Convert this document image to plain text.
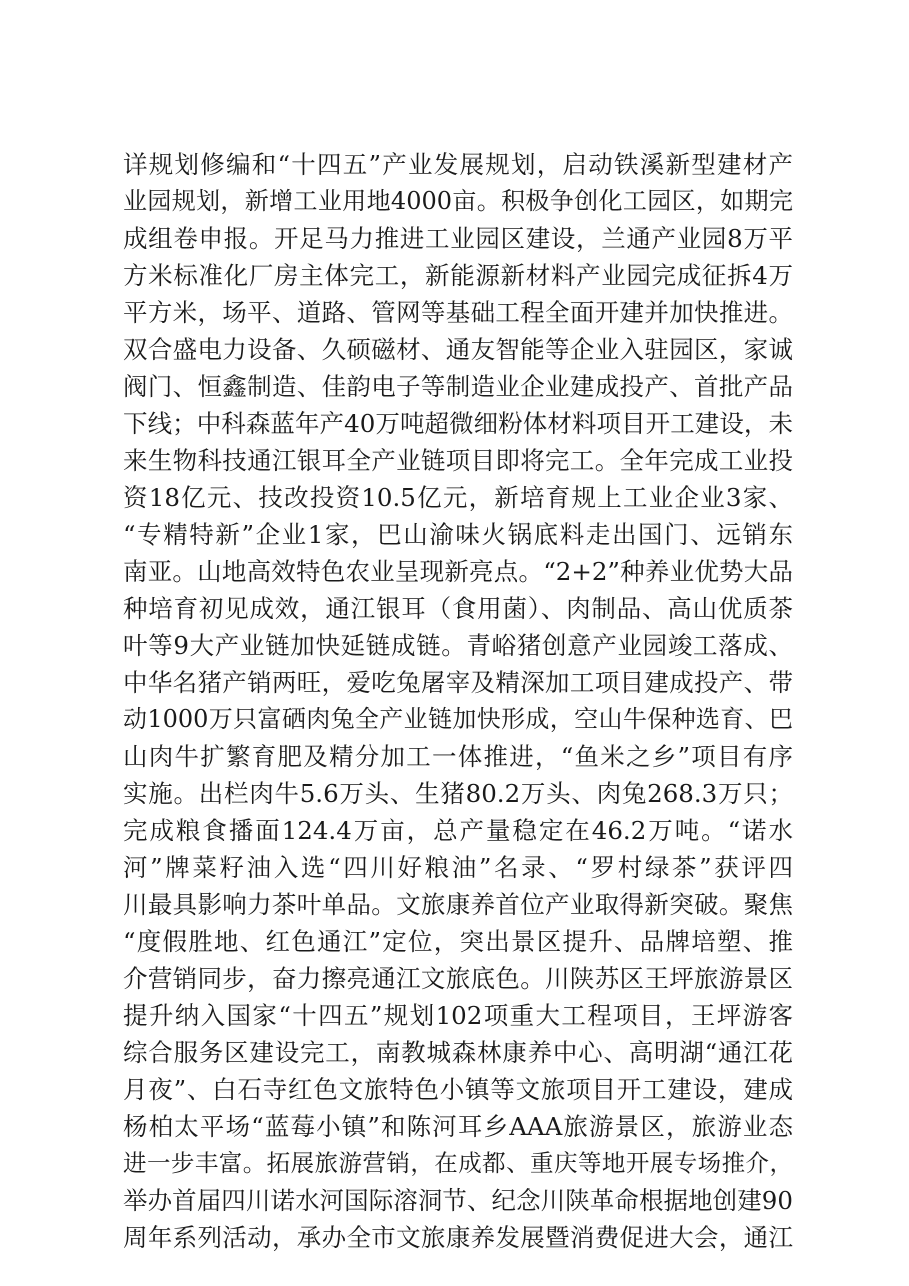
详规划修编和“十四五”产业发展规划，启动铁溪新型建材产
业园规划，新增工业用地4000亩。积极争创化工园区，如期完
成组卷申报。开足马力推进工业园区建设，兰通产业园8万平
方米标准化厂房主体完工，新能源新材料产业园完成征拆4万
平方米，场平、道路、管网等基础工程全面开建并加快推进。
双合盛电力设备、久硕磁材、通友智能等企业入驻园区，家诚
阀门、恒鑫制造、佳韵电子等制造业企业建成投产、首批产品
下线；中科森蓝年产40万吨超微细粉体材料项目开工建设，未
来生物科技通江银耳全产业链项目即将完工。全年完成工业投
资18亿元、技改投资10.5亿元，新培育规上工业企业3家、
“专精特新”企业1家，巴山渝味火锅底料走出国门、远销东
南亚。山地高效特色农业呈现新亮点。“2+2”种养业优势大品
种培育初见成效，通江银耳（食用菌）、肉制品、高山优质茶
叶等9大产业链加快延链成链。青峪猪创意产业园竣工落成、
中华名猪产销两旺，爱吃兔屠宰及精深加工项目建成投产、带
动1000万只富硒肉兔全产业链加快形成，空山牛保种选育、巴
山肉牛扩繁育肥及精分加工一体推进，“鱼米之乡”项目有序
实施。出栏肉牛5.6万头、生猪80.2万头、肉兔268.3万只；
完成粮食播面124.4万亩，总产量稳定在46.2万吨。“诺水
河”牌菜籽油入选“四川好粮油”名录、“罗村绿茶”获评四
川最具影响力茶叶单品。文旅康养首位产业取得新突破。聚焦
“度假胜地、红色通江”定位，突出景区提升、品牌培塑、推
介营销同步，奋力擦亮通江文旅底色。川陕苏区王坪旅游景区
提升纳入国家“十四五”规划102项重大工程项目，王坪游客
综合服务区建设完工，南教城森林康养中心、高明湖“通江花
月夜”、白石寺红色文旅特色小镇等文旅项目开工建设，建成
杨柏太平场“蓝莓小镇”和陈河耳乡AAA旅游景区，旅游业态
进一步丰富。拓展旅游营销，在成都、重庆等地开展专场推介，
举办首届四川诺水河国际溶洞节、纪念川陕革命根据地创建90
周年系列活动，承办全市文旅康养发展暨消费促进大会，通江
